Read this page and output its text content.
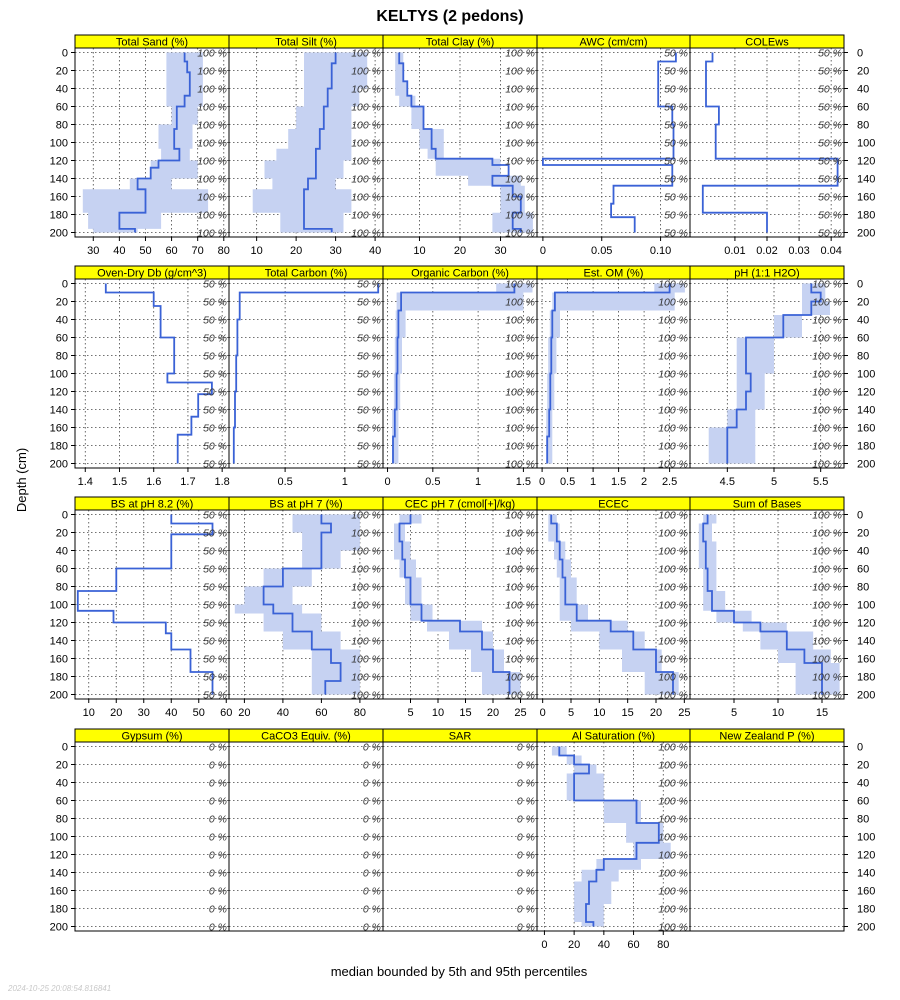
KELTYS (2 pedons)
Depth (cm)
median bounded by 5th and 95th percentiles
2024-10-25 20:08:54.816841
Total Sand (%)
100 %
100 %
100 %
100 %
100 %
100 %
100 %
100 %
100 %
100 %
100 %
30 40 50 60 70 80
0
20
40
60
80
100
120
140
160
180
200
Total Silt (%)
100 %
100 %
100 %
100 %
100 %
100 %
100 %
100 %
100 %
100 %
100 %
10 20 30 40
Total Clay (%)
100 %
100 %
100 %
100 %
100 %
100 %
100 %
100 %
100 %
100 %
100 %
10	20	30
AWC (cm/cm)
50 %
50 %
50 %
50 %
50 %
50 %
50 %
50 %
50 %
50 %
50 %
0	0.05	0.10
COLEws
50 %
50 %
50 %
50 %
50 %
50 %
50 %
50 %
50 %
50 %
50 %
0.01 0.02 0.03 0.04
0
20
40
60
80
100
120
140
160
180
200
Oven-Dry Db (g/cm^3)
50 %
50 %
50 %
50 %
50 %
50 %
50 %
50 %
50 %
50 %
50 %
1.4 1.5 1.6 1.7 1.8
0
20
40
60
80
100
120
140
160
180
200
Total Carbon (%)
50 %
50 %
50 %
50 %
50 %
50 %
50 %
50 %
50 %
50 %
50 %
0.5	1
Organic Carbon (%)
100 %
100 %
100 %
100 %
100 %
100 %
100 %
100 %
100 %
100 %
100 %
0	0.5	1	1.5
Est. OM (%)
100 %
100 %
100 %
100 %
100 %
100 %
100 %
100 %
100 %
100 %
100 %
0 0.5 1 1.5 2 2.5
pH (1:1 H2O)
100 %
100 %
100 %
100 %
100 %
100 %
100 %
100 %
100 %
100 %
100 %
4.5	5	5.5
0
20
40
60
80
100
120
140
160
180
200
BS at pH 8.2 (%)
50 %
50 %
50 %
50 %
50 %
50 %
50 %
50 %
50 %
50 %
50 %
10 20 30 40 50 60
0
20
40
60
80
100
120
140
160
180
200
BS at pH 7 (%)
100 %
100 %
100 %
100 %
100 %
100 %
100 %
100 %
100 %
100 %
100 %
20 40 60 80
CEC pH 7 (cmol[+]/kg)
100 %
100 %
100 %
100 %
100 %
100 %
100 %
100 %
100 %
100 %
100 %
5 10 15 20 25
ECEC
100 %
100 %
100 %
100 %
100 %
100 %
100 %
100 %
100 %
100 %
100 %
0 5 10 15 20 25
Sum of Bases
100 %
100 %
100 %
100 %
100 %
100 %
100 %
100 %
100 %
100 %
100 %
5	10	15
0
20
40
60
80
100
120
140
160
180
200
Gypsum (%)
0 %
0 %
0 %
0 %
0 %
0 %
0 %
0 %
0 %
0 %
0 %
0
20
40
60
80
100
120
140
160
180
200
CaCO3 Equiv. (%)
0 %
0 %
0 %
0 %
0 %
0 %
0 %
0 %
0 %
0 %
0 %
SAR
0 %
0 %
0 %
0 %
0 %
0 %
0 %
0 %
0 %
0 %
0 %
Al Saturation (%)
100 %
100 %
100 %
100 %
100 %
100 %
100 %
100 %
100 %
100 %
100 %
0 20 40 60 80
New Zealand P (%)
0
20
40
60
80
100
120
140
160
180
200
